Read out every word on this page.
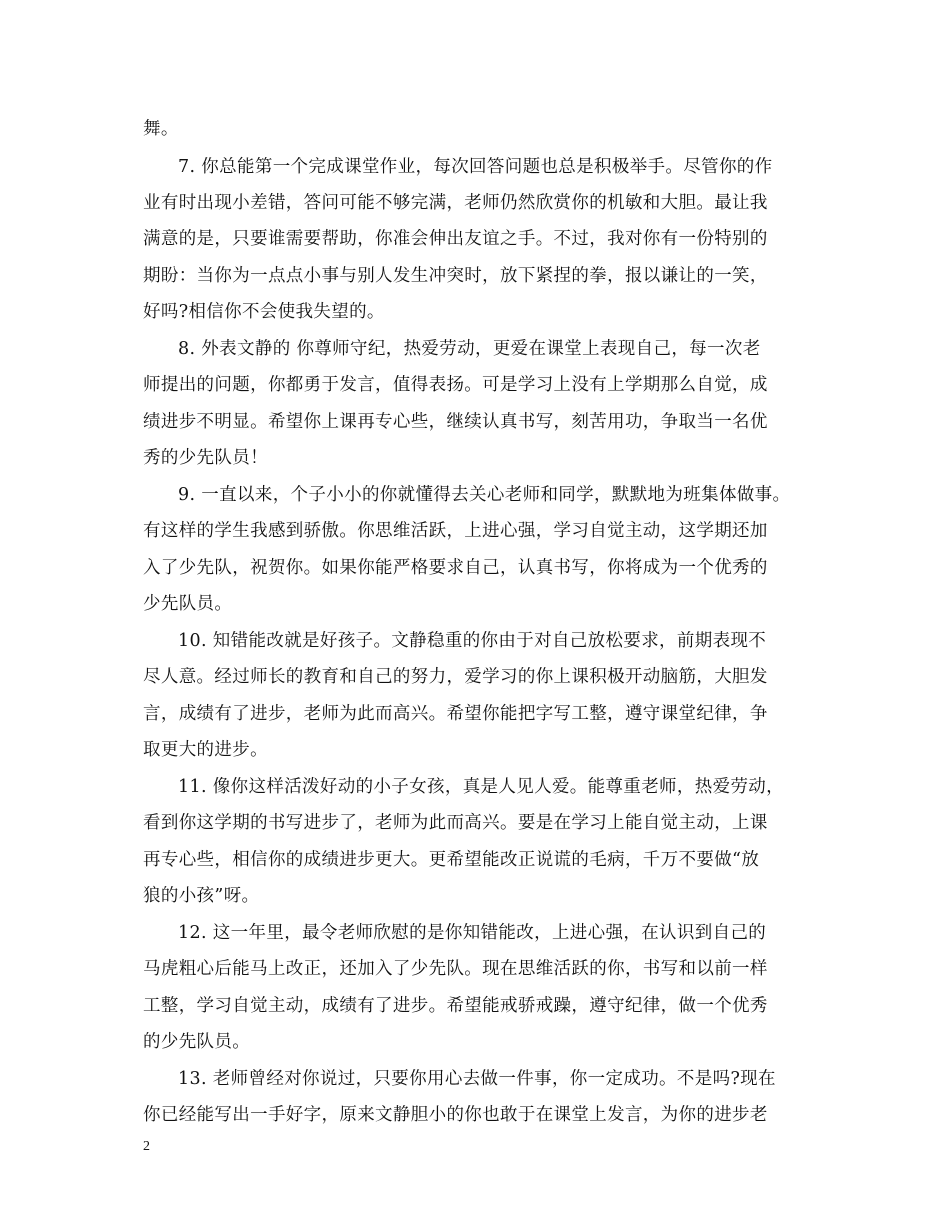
舞。
7. 你总能第一个完成课堂作业，每次回答问题也总是积极举手。尽管你的作
业有时出现小差错，答问可能不够完满，老师仍然欣赏你的机敏和大胆。最让我
满意的是，只要谁需要帮助，你准会伸出友谊之手。不过，我对你有一份特别的
期盼：当你为一点点小事与别人发生冲突时，放下紧捏的拳，报以谦让的一笑，
好吗?相信你不会使我失望的。
8. 外表文静的 你尊师守纪，热爱劳动，更爱在课堂上表现自己，每一次老
师提出的问题，你都勇于发言，值得表扬。可是学习上没有上学期那么自觉，成
绩进步不明显。希望你上课再专心些，继续认真书写，刻苦用功，争取当一名优
秀的少先队员！
9. 一直以来，个子小小的你就懂得去关心老师和同学，默默地为班集体做事。
有这样的学生我感到骄傲。你思维活跃，上进心强，学习自觉主动，这学期还加
入了少先队，祝贺你。如果你能严格要求自己，认真书写，你将成为一个优秀的
少先队员。
10. 知错能改就是好孩子。文静稳重的你由于对自己放松要求，前期表现不
尽人意。经过师长的教育和自己的努力，爱学习的你上课积极开动脑筋，大胆发
言，成绩有了进步，老师为此而高兴。希望你能把字写工整，遵守课堂纪律，争
取更大的进步。
11. 像你这样活泼好动的小子女孩，真是人见人爱。能尊重老师，热爱劳动，
看到你这学期的书写进步了，老师为此而高兴。要是在学习上能自觉主动，上课
再专心些，相信你的成绩进步更大。更希望能改正说谎的毛病，千万不要做“放
狼的小孩”呀。
12. 这一年里，最令老师欣慰的是你知错能改，上进心强，在认识到自己的
马虎粗心后能马上改正，还加入了少先队。现在思维活跃的你，书写和以前一样
工整，学习自觉主动，成绩有了进步。希望能戒骄戒躁，遵守纪律，做一个优秀
的少先队员。
13. 老师曾经对你说过，只要你用心去做一件事，你一定成功。不是吗?现在
你已经能写出一手好字，原来文静胆小的你也敢于在课堂上发言，为你的进步老
2
